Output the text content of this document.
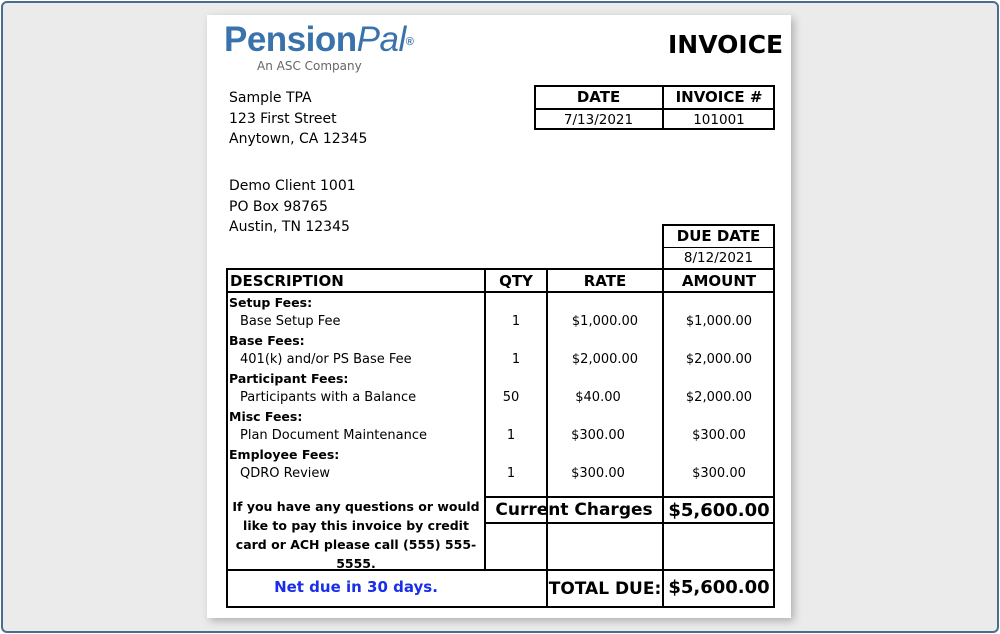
PensionPal®
An ASC Company
INVOICE
Sample TPA
123 First Street
Anytown, CA 12345
Demo Client 1001
PO Box 98765
Austin, TN 12345
DATE	INVOICE #
7/13/2021	101001
DUE DATE
8/12/2021
DESCRIPTION	QTY	RATE	AMOUNT
Setup Fees:
Base Setup Fee	1	$1,000.00	$1,000.00
Base Fees:
401(k) and/or PS Base Fee	1	$2,000.00	$2,000.00
Participant Fees:
Participants with a Balance	50	$40.00	$2,000.00
Misc Fees:
Plan Document Maintenance	1	$300.00	$300.00
Employee Fees:
QDRO Review	1	$300.00	$300.00
If you have any questions or would like to pay this invoice by credit card or ACH please call (555) 555-5555.
Current Charges $5,600.00
Net due in 30 days.	TOTAL DUE: $5,600.00
